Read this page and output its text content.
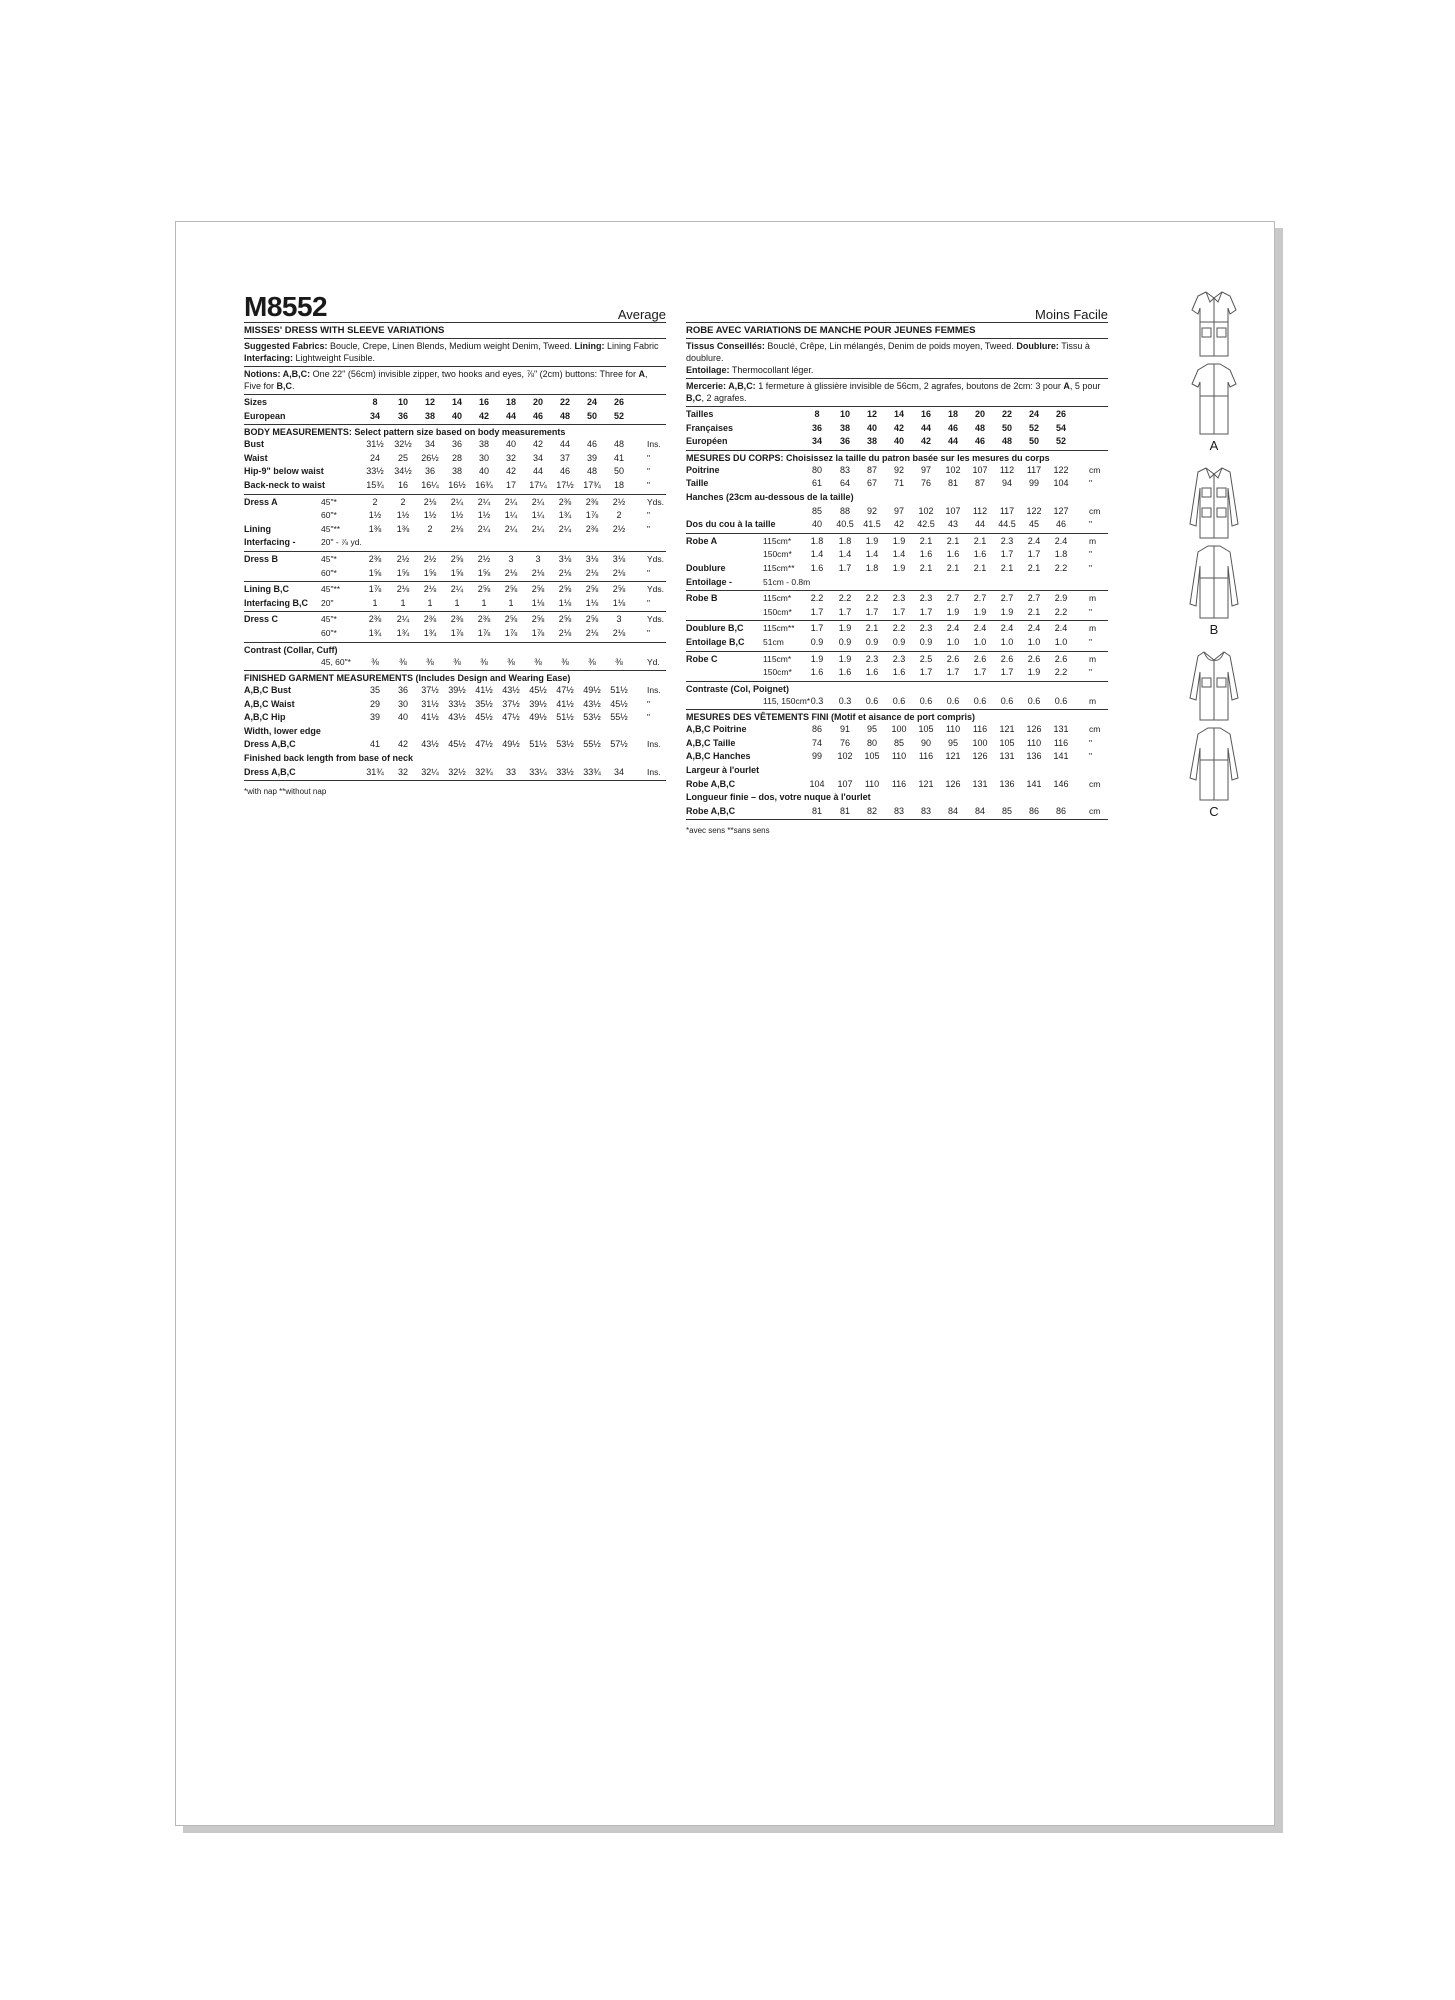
M8552	Average
MISSES' DRESS WITH SLEEVE VARIATIONS
Suggested Fabrics: Boucle, Crepe, Linen Blends, Medium weight Denim, Tweed. Lining: Lining Fabric
Interfacing: Lightweight Fusible.
Notions: A,B,C: One 22" (56cm) invisible zipper, two hooks and eyes, ⅞" (2cm) buttons: Three for A, Five for B,C.
Sizes	8	10	12	14	16	18	20	22	24	26
European	34	36	38	40	42	44	46	48	50	52
BODY MEASUREMENTS: Select pattern size based on body measurements
Bust	31½ 32½	34	36	38	40	42	44	46	48	Ins.
Waist	24	25	26½	28	30	32	34	37	39	41	"
Hip-9" below waist	33½ 34½	36	38	40	42	44	46	48	50	"
Back-neck to waist	15¾	16	16¼ 16½ 16¾	17	17¼ 17½ 17¾	18	"
Dress A	45"*	2	2	2⅛	2¼	2¼	2¼	2¼	2⅜	2⅜	2½	Yds.
60"*	1½	1½	1½	1½	1½	1¼	1¼	1¾	1⅞	2	"
Lining	45"**	1⅜	1⅜	2	2⅛	2¼	2¼	2¼	2¼	2⅜	2½	"
Interfacing -	20" - ⅞ yd.
Dress B	45"*	2⅜	2½	2½	2⅝	2½	3	3	3⅛	3⅛	3⅛	Yds.
60"*	1⅝	1⅝	1⅝	1⅝	1⅝	2⅛	2⅛	2⅛	2⅛	2⅛	"
Lining B,C	45"**	1⅞	2⅛	2⅛	2¼	2⅝	2⅝	2⅝	2⅝	2⅝	2⅝	Yds.
Interfacing B,C 20"	1	1	1	1	1	1	1⅛	1⅛	1⅛	1⅛	"
Dress C	45"*	2⅜	2¼	2⅜	2⅜	2⅜	2⅝	2⅝	2⅝	2⅝	3	Yds.
60"*	1¾	1¾	1¾	1⅞	1⅞	1⅞	1⅞	2⅛	2⅛	2⅛	"
Contrast (Collar, Cuff)
45, 60"*	⅜	⅜	⅜	⅜	⅜	⅜	⅜	⅜	⅜	⅜	Yd.
FINISHED GARMENT MEASUREMENTS (Includes Design and Wearing Ease)
A,B,C Bust	35	36	37½ 39½ 41½ 43½ 45½ 47½ 49½ 51½ Ins.
A,B,C Waist	29	30	31½ 33½ 35½ 37½ 39½ 41½ 43½ 45½ "
A,B,C Hip	39	40	41½ 43½ 45½ 47½ 49½ 51½ 53½ 55½ "
Width, lower edge
Dress A,B,C	41	42	43½ 45½ 47½ 49½ 51½ 53½ 55½ 57½ Ins.
Finished back length from base of neck
Dress A,B,C	31¾	32	32¼ 32½ 32¾	33	33¼ 33½ 33¾	34	Ins.
*with nap **without nap
Moins Facile
ROBE AVEC VARIATIONS DE MANCHE POUR JEUNES FEMMES
Tissus Conseillés: Bouclé, Crêpe, Lin mélangés, Denim de poids moyen, Tweed. Doublure: Tissu à doublure.
Entoilage: Thermocollant léger.
Mercerie: A,B,C: 1 fermeture à glissière invisible de 56cm, 2 agrafes, boutons de 2cm: 3 pour A, 5 pour B,C, 2 agrafes.
Tailles	8	10	12	14	16	18	20	22	24	26
Françaises	36	38	40	42	44	46	48	50	52	54
Européen	34	36	38	40	42	44	46	48	50	52
MESURES DU CORPS: Choisissez la taille du patron basée sur les mesures du corps
Poitrine	80	83	87	92	97	102	107	112	117	122	cm
Taille	61	64	67	71	76	81	87	94	99	104	"
Hanches (23cm au-dessous de la taille)
85	88	92	97	102	107	112	117	122	127	cm
Dos du cou à la taille	40	40.5 41.5	42	42.5	43	44	44.5	45	46	"
Robe A	115cm*	1.8	1.8	1.9	1.9	2.1	2.1	2.1	2.3	2.4	2.4	m
150cm*	1.4	1.4	1.4	1.4	1.6	1.6	1.6	1.7	1.7	1.8	"
Doublure	115cm**	1.6	1.7	1.8	1.9	2.1	2.1	2.1	2.1	2.1	2.2	"
Entoilage -	51cm - 0.8m
Robe B	115cm*	2.2	2.2	2.2	2.3	2.3	2.7	2.7	2.7	2.7	2.9	m
150cm*	1.7	1.7	1.7	1.7	1.7	1.9	1.9	1.9	2.1	2.2	"
Doublure B,C 115cm**	1.7	1.9	2.1	2.2	2.3	2.4	2.4	2.4	2.4	2.4	m
Entoilage B,C 51cm	0.9	0.9	0.9	0.9	0.9	1.0	1.0	1.0	1.0	1.0	"
Robe C	115cm*	1.9	1.9	2.3	2.3	2.5	2.6	2.6	2.6	2.6	2.6	m
150cm*	1.6	1.6	1.6	1.6	1.7	1.7	1.7	1.7	1.9	2.2	"
Contraste (Col, Poignet)
115, 150cm* 0.3	0.3	0.6	0.6	0.6	0.6	0.6	0.6	0.6	0.6	m
MESURES DES VÊTEMENTS FINI (Motif et aisance de port compris)
A,B,C Poitrine	86	91	95	100	105	110	116	121	126	131	cm
A,B,C Taille	74	76	80	85	90	95	100	105	110	116	"
A,B,C Hanches	99	102	105	110	116	121	126	131	136	141	"
Largeur à l'ourlet
Robe A,B,C	104	107	110	116	121	126	131	136	141	146	cm
Longueur finie – dos, votre nuque à l'ourlet
Robe A,B,C	81	81	82	83	83	84	84	85	86	86	cm
*avec sens **sans sens
A
B
C
